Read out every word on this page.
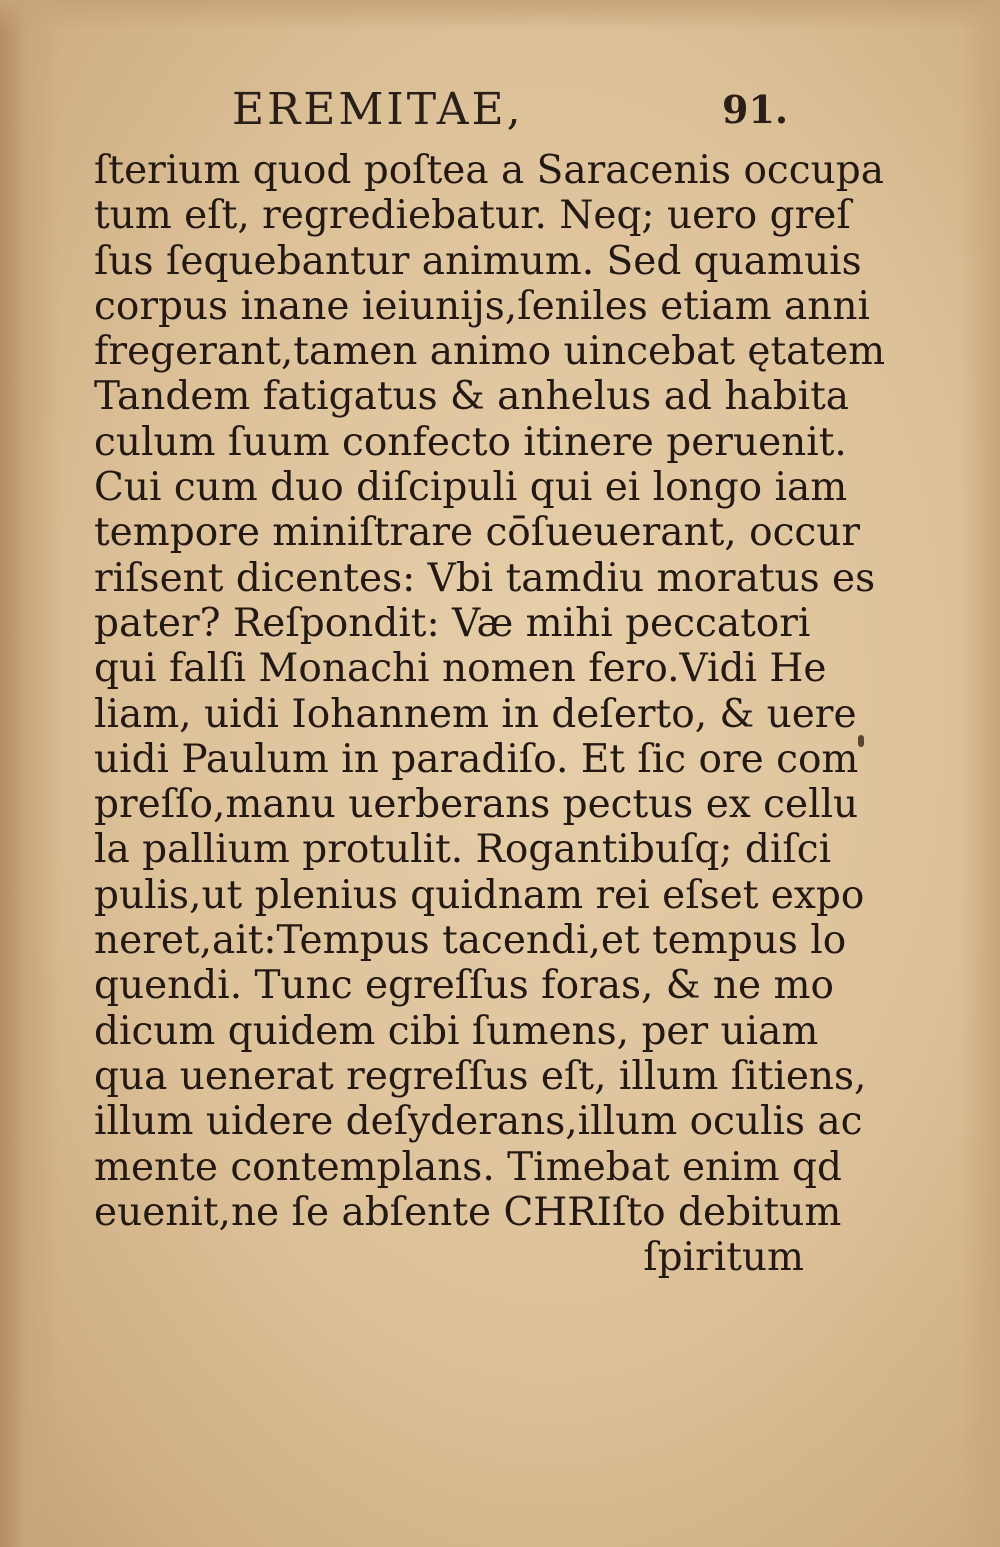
EREMITAE,	91.
ſterium quod poſtea a Saracenis occupa
tum eſt, regrediebatur. Neq; uero greſ
ſus ſequebantur animum. Sed quamuis
corpus inane ieiunijs,ſeniles etiam anni
fregerant,tamen animo uincebat ętatem
Tandem fatigatus & anhelus ad habita
culum ſuum confecto itinere peruenit.
Cui cum duo diſcipuli qui ei longo iam
tempore miniſtrare cōſueuerant, occur
riſsent dicentes: Vbi tamdiu moratus es
pater? Reſpondit: Væ mihi peccatori
qui falſi Monachi nomen fero.Vidi He
liam, uidi Iohannem in deſerto, & uere
uidi Paulum in paradiſo. Et ſic ore com
preſſo,manu uerberans pectus ex cellu
la pallium protulit. Rogantibuſq; diſci
pulis,ut plenius quidnam rei eſset expo
neret,ait:Tempus tacendi,et tempus lo
quendi. Tunc egreſſus foras, & ne mo
dicum quidem cibi ſumens, per uiam
qua uenerat regreſſus eſt, illum ſitiens,
illum uidere deſyderans,illum oculis ac
mente contemplans. Timebat enim qd
euenit,ne ſe abſente CHRIſto debitum
ſpiritum
